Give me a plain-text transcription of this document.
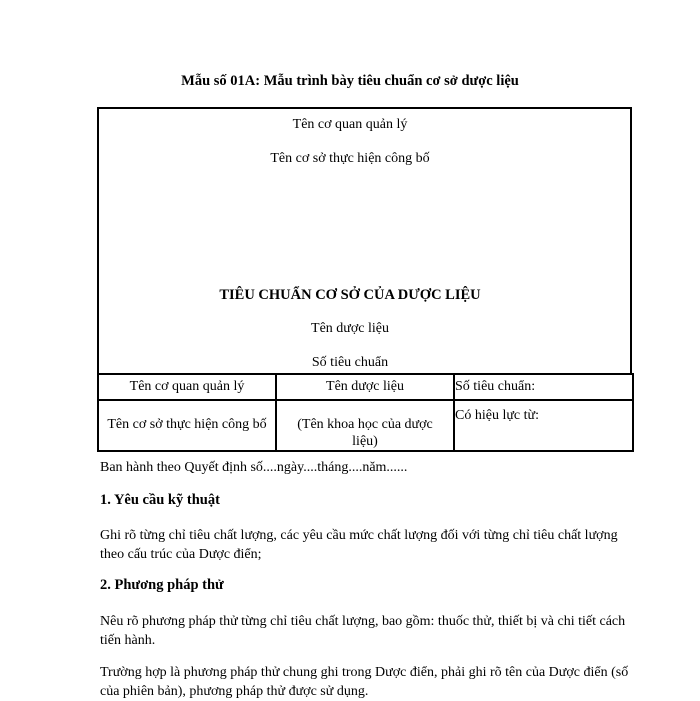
Mẫu số 01A: Mẫu trình bày tiêu chuẩn cơ sở dược liệu
Tên cơ quan quản lý
Tên cơ sở thực hiện công bố
TIÊU CHUẨN CƠ SỞ CỦA DƯỢC LIỆU
Tên dược liệu
Số tiêu chuẩn
Tên cơ quan quản lý	Tên dược liệu	Số tiêu chuẩn:

Tên cơ sở thực hiện công bố	(Tên khoa học của dược liệu)	Có hiệu lực từ:
Ban hành theo Quyết định số....ngày....tháng....năm......
1. Yêu cầu kỹ thuật
Ghi rõ từng chỉ tiêu chất lượng, các yêu cầu mức chất lượng đối với từng chỉ tiêu chất lượng theo cấu trúc của Dược điển;
2. Phương pháp thử
Nêu rõ phương pháp thử từng chỉ tiêu chất lượng, bao gồm: thuốc thử, thiết bị và chi tiết cách tiến hành.
Trường hợp là phương pháp thử chung ghi trong Dược điển, phải ghi rõ tên của Dược điển (số của phiên bản), phương pháp thử được sử dụng.
